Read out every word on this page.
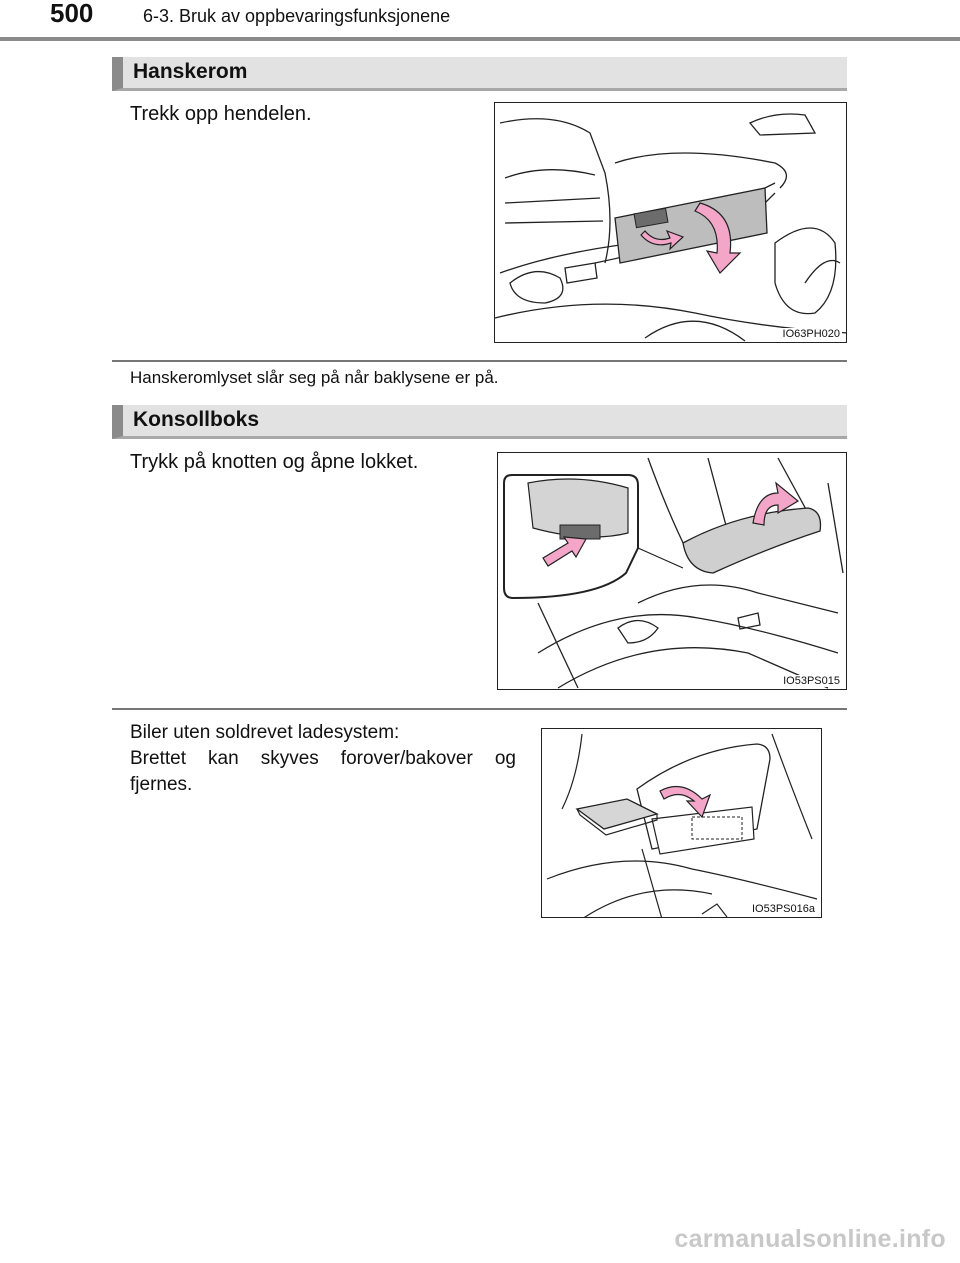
500	6-3. Bruk av oppbevaringsfunksjonene
Hanskerom
Trekk opp hendelen.
IO63PH020
Hanskeromlyset slår seg på når baklysene er på.
Konsollboks
Trykk på knotten og åpne lokket.
IO53PS015
Biler uten soldrevet ladesystem:
Brettet kan skyves forover/bakover og fjernes.
IO53PS016a
carmanualsonline.info
